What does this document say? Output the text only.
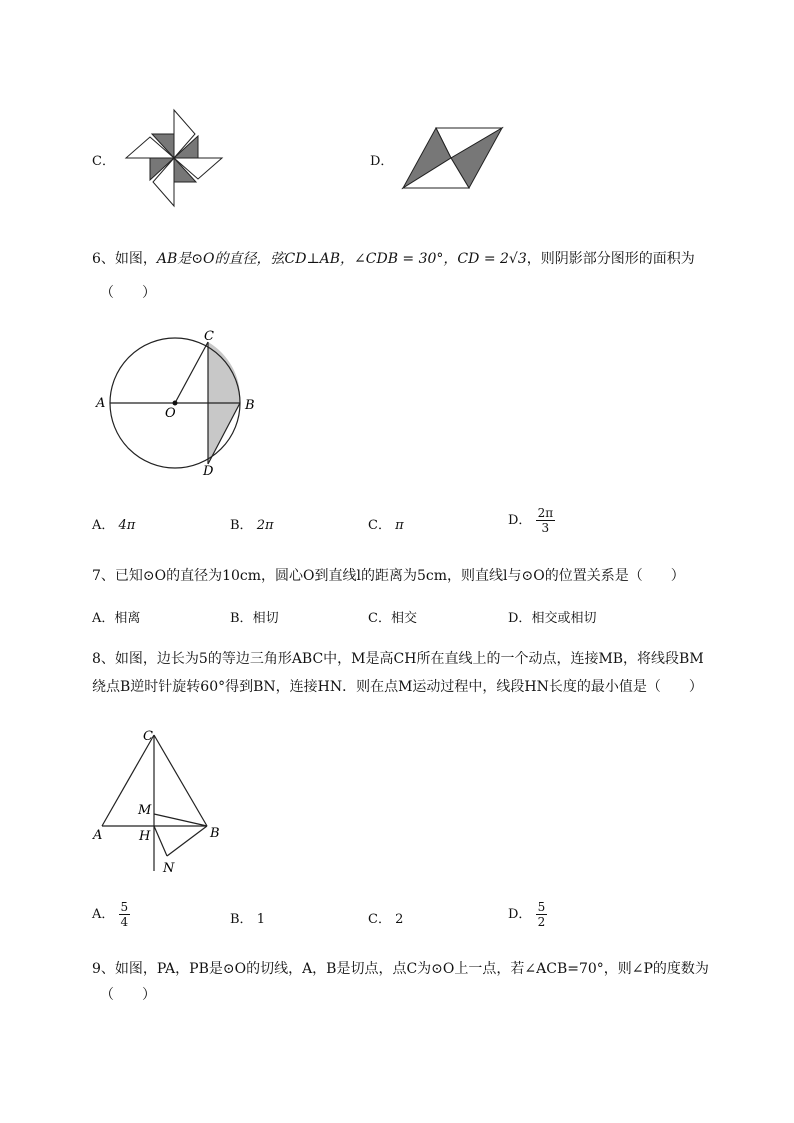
C．	D．
6、如图，AB是⊙O的直径，弦CD⊥AB，∠CDB = 30°，CD = 2√3，则阴影部分图形的面积为
（　　）
C
A	B
O
D
A． 4π	B． 2π	C． π	D． $\frac{2\pi}{3}$
7、已知⊙O的直径为10cm，圆心O到直线l的距离为5cm，则直线l与⊙O的位置关系是（　　）
A．相离	B．相切	C．相交	D．相交或相切
8、如图，边长为5的等边三角形ABC中，M是高CH所在直线上的一个动点，连接MB，将线段BM
绕点B逆时针旋转60°得到BN，连接HN．则在点M运动过程中，线段HN长度的最小值是（　　）
C
M
A	H	B
N
A． $\frac{5}{4}$	B． 1	C． 2	D． $\frac{5}{2}$
9、如图，PA，PB是⊙O的切线，A，B是切点，点C为⊙O上一点，若∠ACB=70°，则∠P的度数为
（　　）
